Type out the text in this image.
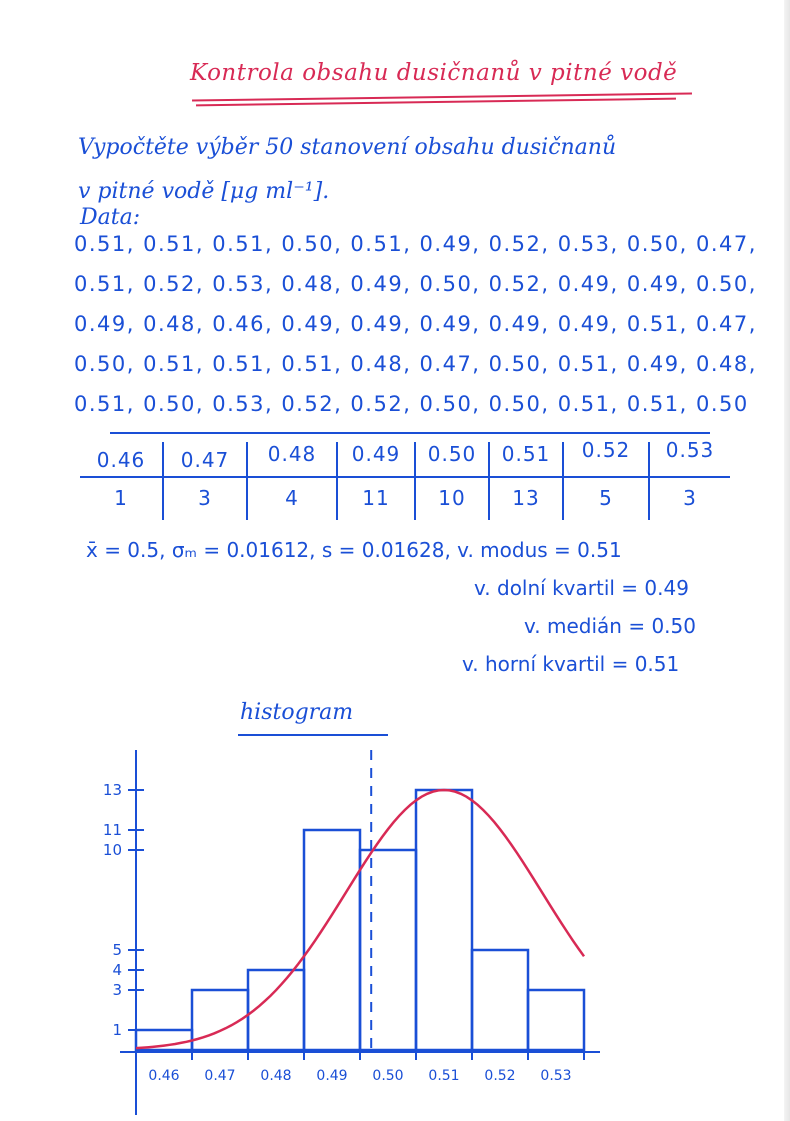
Kontrola obsahu dusičnanů v pitné vodě
Vypočtěte výběr 50 stanovení obsahu dusičnanů
v pitné vodě [μg ml⁻¹].
Data:
0.51, 0.51, 0.51, 0.50, 0.51, 0.49, 0.52, 0.53, 0.50, 0.47,
0.51, 0.52, 0.53, 0.48, 0.49, 0.50, 0.52, 0.49, 0.49, 0.50,
0.49, 0.48, 0.46, 0.49, 0.49, 0.49, 0.49, 0.49, 0.51, 0.47,
0.50, 0.51, 0.51, 0.51, 0.48, 0.47, 0.50, 0.51, 0.49, 0.48,
0.51, 0.50, 0.53, 0.52, 0.52, 0.50, 0.50, 0.51, 0.51, 0.50
0.46	0.47	0.48	0.49	0.50	0.51	0.52	0.53
1	3	4	11	10	13	5	3
x̄ = 0.5, σₘ = 0.01612, s = 0.01628, v. modus = 0.51
v. dolní kvartil = 0.49
v. medián = 0.50
v. horní kvartil = 0.51
histogram
0.46 0.47 0.48 0.49 0.50 0.51 0.52 0.53
1
3
4
5
10
11
13
